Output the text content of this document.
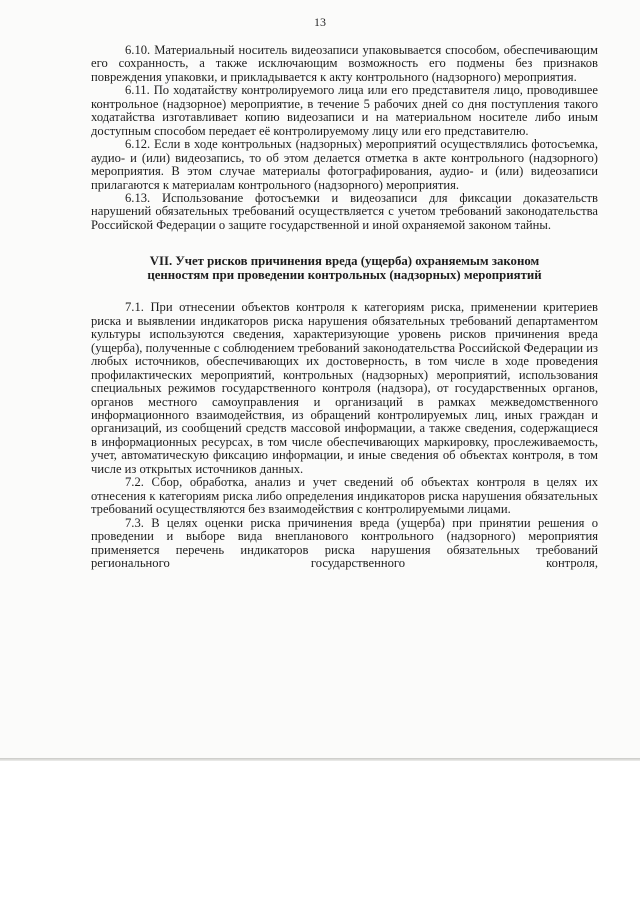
13

6.10. Материальный носитель видеозаписи упаковывается способом, обеспечивающим его сохранность, а также исключающим возможность его подмены без признаков повреждения упаковки, и прикладывается к акту контрольного (надзорного) мероприятия.

6.11. По ходатайству контролируемого лица или его представителя лицо, проводившее контрольное (надзорное) мероприятие, в течение 5 рабочих дней со дня поступления такого ходатайства изготавливает копию видеозаписи и на материальном носителе либо иным доступным способом передает её контролируемому лицу или его представителю.

6.12. Если в ходе контрольных (надзорных) мероприятий осуществлялись фотосъемка, аудио- и (или) видеозапись, то об этом делается отметка в акте контрольного (надзорного) мероприятия. В этом случае материалы фотографирования, аудио- и (или) видеозаписи прилагаются к материалам контрольного (надзорного) мероприятия.

6.13. Использование фотосъемки и видеозаписи для фиксации доказательств нарушений обязательных требований осуществляется с учетом требований законодательства Российской Федерации о защите государственной и иной охраняемой законом тайны.

VII. Учет рисков причинения вреда (ущерба) охраняемым законом
ценностям при проведении контрольных (надзорных) мероприятий

7.1. При отнесении объектов контроля к категориям риска, применении критериев риска и выявлении индикаторов риска нарушения обязательных требований департаментом культуры используются сведения, характеризующие уровень рисков причинения вреда (ущерба), полученные с соблюдением требований законодательства Российской Федерации из любых источников, обеспечивающих их достоверность, в том числе в ходе проведения профилактических мероприятий, контрольных (надзорных) мероприятий, использования специальных режимов государственного контроля (надзора), от государственных органов, органов местного самоуправления и организаций в рамках межведомственного информационного взаимодействия, из обращений контролируемых лиц, иных граждан и организаций, из сообщений средств массовой информации, а также сведения, содержащиеся в информационных ресурсах, в том числе обеспечивающих маркировку, прослеживаемость, учет, автоматическую фиксацию информации, и иные сведения об объектах контроля, в том числе из открытых источников данных.

7.2. Сбор, обработка, анализ и учет сведений об объектах контроля в целях их отнесения к категориям риска либо определения индикаторов риска нарушения обязательных требований осуществляются без взаимодействия с контролируемыми лицами.

7.3. В целях оценки риска причинения вреда (ущерба) при принятии решения о проведении и выборе вида внепланового контрольного (надзорного) мероприятия применяется перечень индикаторов риска нарушения обязательных требований регионального государственного контроля,
